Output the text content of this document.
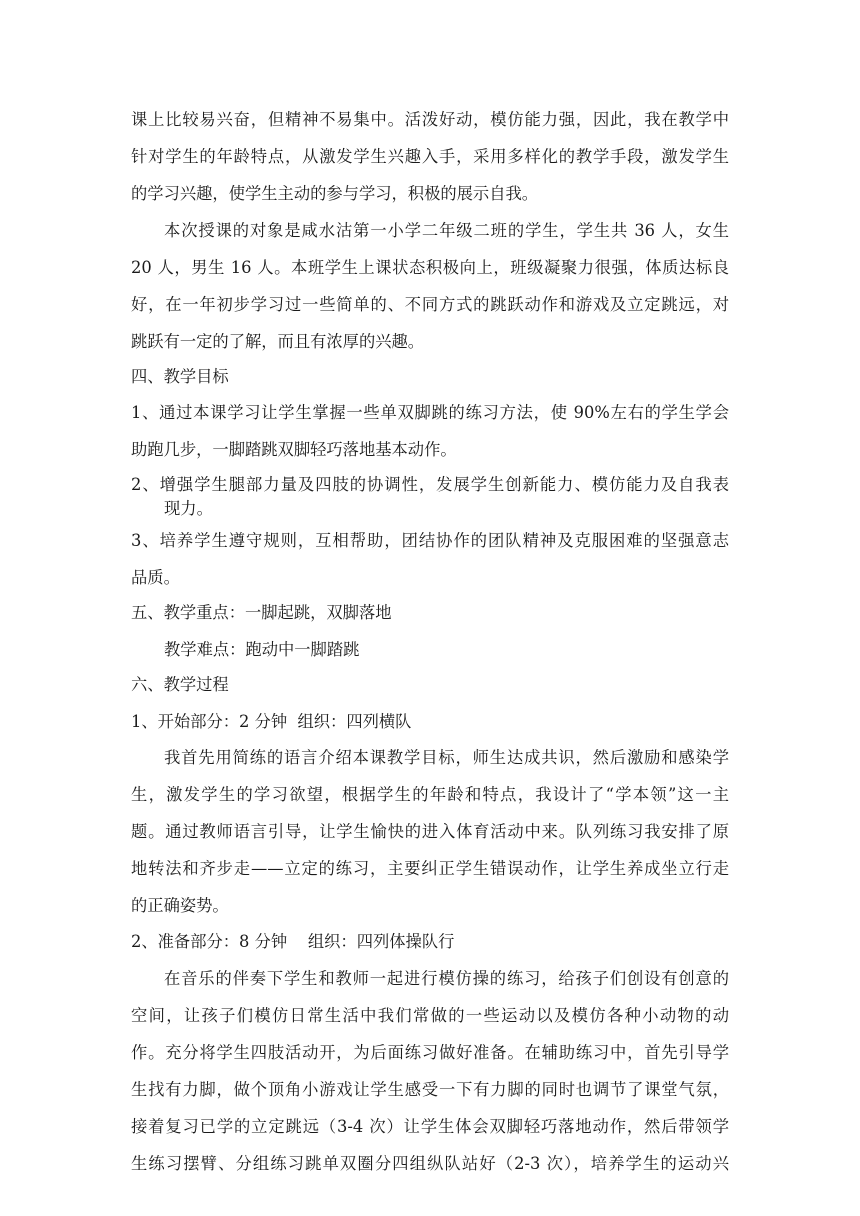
课上比较易兴奋，但精神不易集中。活泼好动，模仿能力强，因此，我在教学中
针对学生的年龄特点，从激发学生兴趣入手，采用多样化的教学手段，激发学生
的学习兴趣，使学生主动的参与学习，积极的展示自我。
本次授课的对象是咸水沽第一小学二年级二班的学生，学生共 36 人，女生
20 人，男生 16 人。本班学生上课状态积极向上，班级凝聚力很强，体质达标良
好，在一年初步学习过一些简单的、不同方式的跳跃动作和游戏及立定跳远，对
跳跃有一定的了解，而且有浓厚的兴趣。
四、教学目标
1、通过本课学习让学生掌握一些单双脚跳的练习方法，使 90%左右的学生学会
助跑几步，一脚踏跳双脚轻巧落地基本动作。
2、增强学生腿部力量及四肢的协调性，发展学生创新能力、模仿能力及自我表
现力。
3、培养学生遵守规则，互相帮助，团结协作的团队精神及克服困难的坚强意志
品质。
五、教学重点：一脚起跳，双脚落地
教学难点：跑动中一脚踏跳
六、教学过程
1、开始部分：2 分钟  组织：四列横队
我首先用简练的语言介绍本课教学目标，师生达成共识，然后激励和感染学
生，激发学生的学习欲望，根据学生的年龄和特点，我设计了“学本领”这一主
题。通过教师语言引导，让学生愉快的进入体育活动中来。队列练习我安排了原
地转法和齐步走——立定的练习，主要纠正学生错误动作，让学生养成坐立行走
的正确姿势。
2、准备部分：8 分钟    组织：四列体操队行
在音乐的伴奏下学生和教师一起进行模仿操的练习，给孩子们创设有创意的
空间，让孩子们模仿日常生活中我们常做的一些运动以及模仿各种小动物的动
作。充分将学生四肢活动开，为后面练习做好准备。在辅助练习中，首先引导学
生找有力脚，做个顶角小游戏让学生感受一下有力脚的同时也调节了课堂气氛，
接着复习已学的立定跳远（3-4 次）让学生体会双脚轻巧落地动作，然后带领学
生练习摆臂、分组练习跳单双圈分四组纵队站好（2-3 次），培养学生的运动兴
